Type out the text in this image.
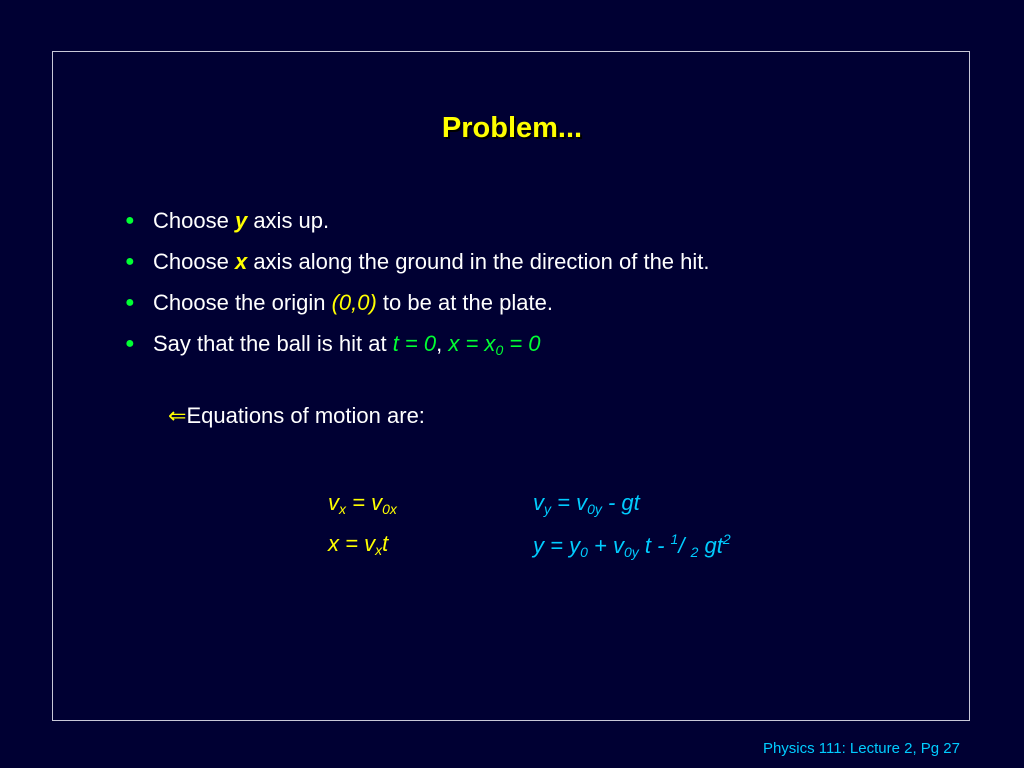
Problem...
● Choose y axis up.
● Choose x axis along the ground in the direction of the hit.
● Choose the origin (0,0) to be at the plate.
● Say that the ball is hit at t = 0, $x = x_0 = 0$
⇐Equations of motion are:
$v_x = v_{0x}$	$v_y = v_{0y}$ - gt
$x = v_xt$	$y = y_0 + v_{0y}$ t - $^1$/ $_2$ $gt^2$
Physics 111: Lecture 2, Pg 27
